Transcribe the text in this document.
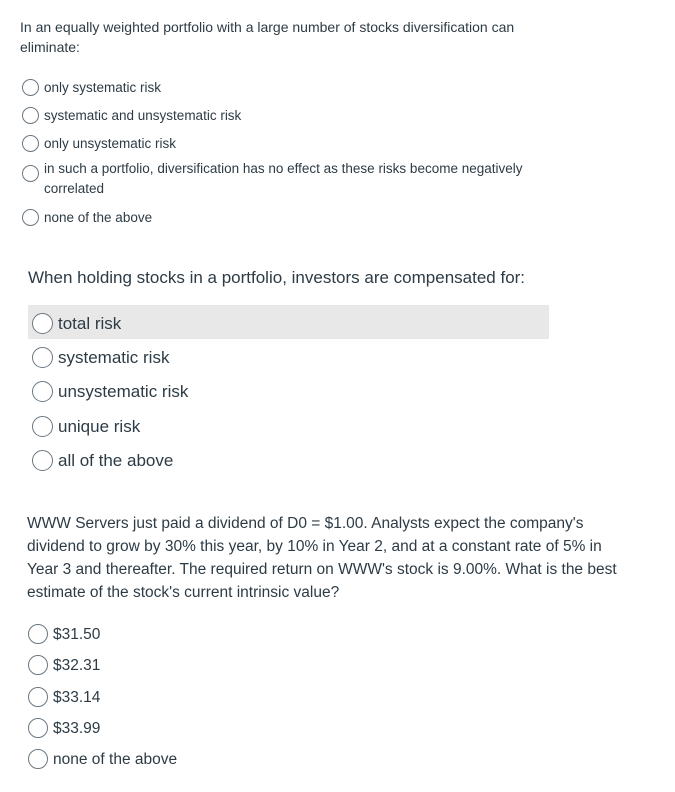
In an equally weighted portfolio with a large number of stocks diversification can eliminate:

only systematic risk
systematic and unsystematic risk
only unsystematic risk
in such a portfolio, diversification has no effect as these risks become negatively correlated
none of the above

When holding stocks in a portfolio, investors are compensated for:

total risk
systematic risk
unsystematic risk
unique risk
all of the above

WWW Servers just paid a dividend of D0 = $1.00. Analysts expect the company's dividend to grow by 30% this year, by 10% in Year 2, and at a constant rate of 5% in Year 3 and thereafter. The required return on WWW's stock is 9.00%. What is the best estimate of the stock's current intrinsic value?

$31.50
$32.31
$33.14
$33.99
none of the above
